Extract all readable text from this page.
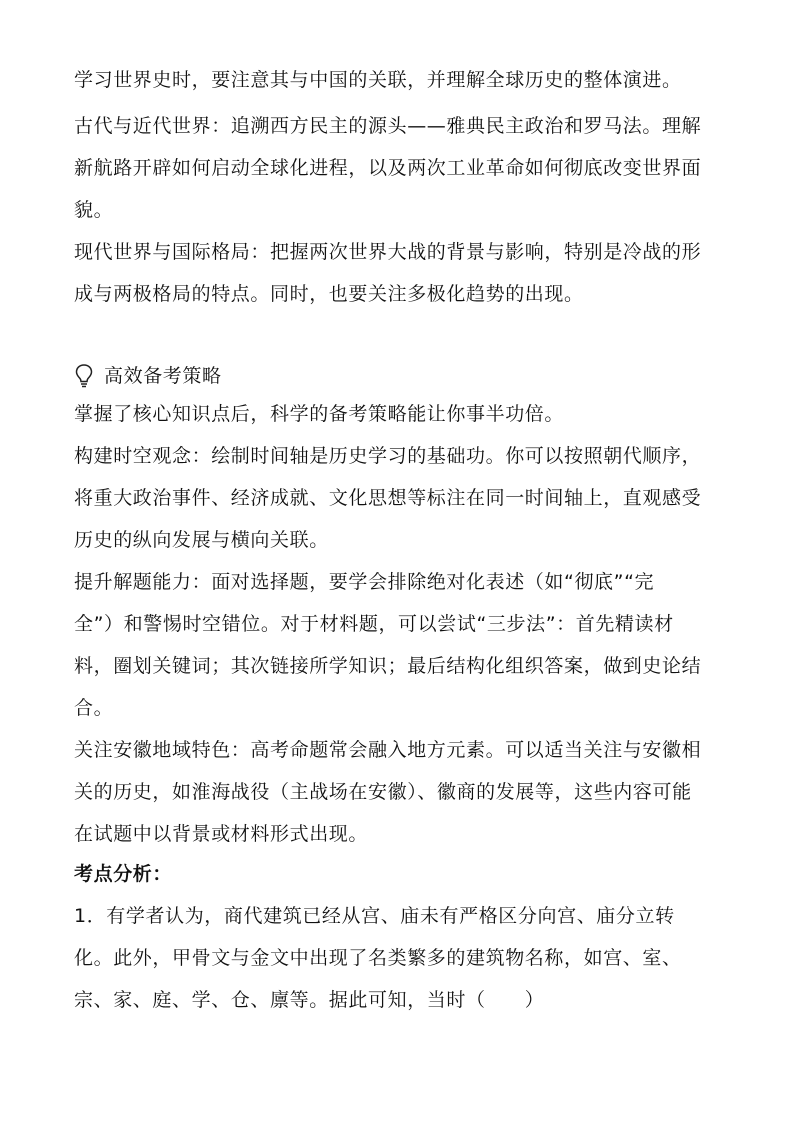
学习世界史时，要注意其与中国的关联，并理解全球历史的整体演进。
古代与近代世界：追溯西方民主的源头——雅典民主政治和罗马法。理解
新航路开辟如何启动全球化进程，以及两次工业革命如何彻底改变世界面
貌。
现代世界与国际格局：把握两次世界大战的背景与影响，特别是冷战的形
成与两极格局的特点。同时，也要关注多极化趋势的出现。
高效备考策略
掌握了核心知识点后，科学的备考策略能让你事半功倍。
构建时空观念：绘制时间轴是历史学习的基础功。你可以按照朝代顺序，
将重大政治事件、经济成就、文化思想等标注在同一时间轴上，直观感受
历史的纵向发展与横向关联。
提升解题能力：面对选择题，要学会排除绝对化表述（如“彻底”“完
全”）和警惕时空错位。对于材料题，可以尝试“三步法”：首先精读材
料，圈划关键词；其次链接所学知识；最后结构化组织答案，做到史论结
合。
关注安徽地域特色：高考命题常会融入地方元素。可以适当关注与安徽相
关的历史，如淮海战役（主战场在安徽）、徽商的发展等，这些内容可能
在试题中以背景或材料形式出现。
考点分析：
1．有学者认为，商代建筑已经从宫、庙未有严格区分向宫、庙分立转
化。此外，甲骨文与金文中出现了名类繁多的建筑物名称，如宫、室、
宗、家、庭、学、仓、廪等。据此可知，当时（　　）
